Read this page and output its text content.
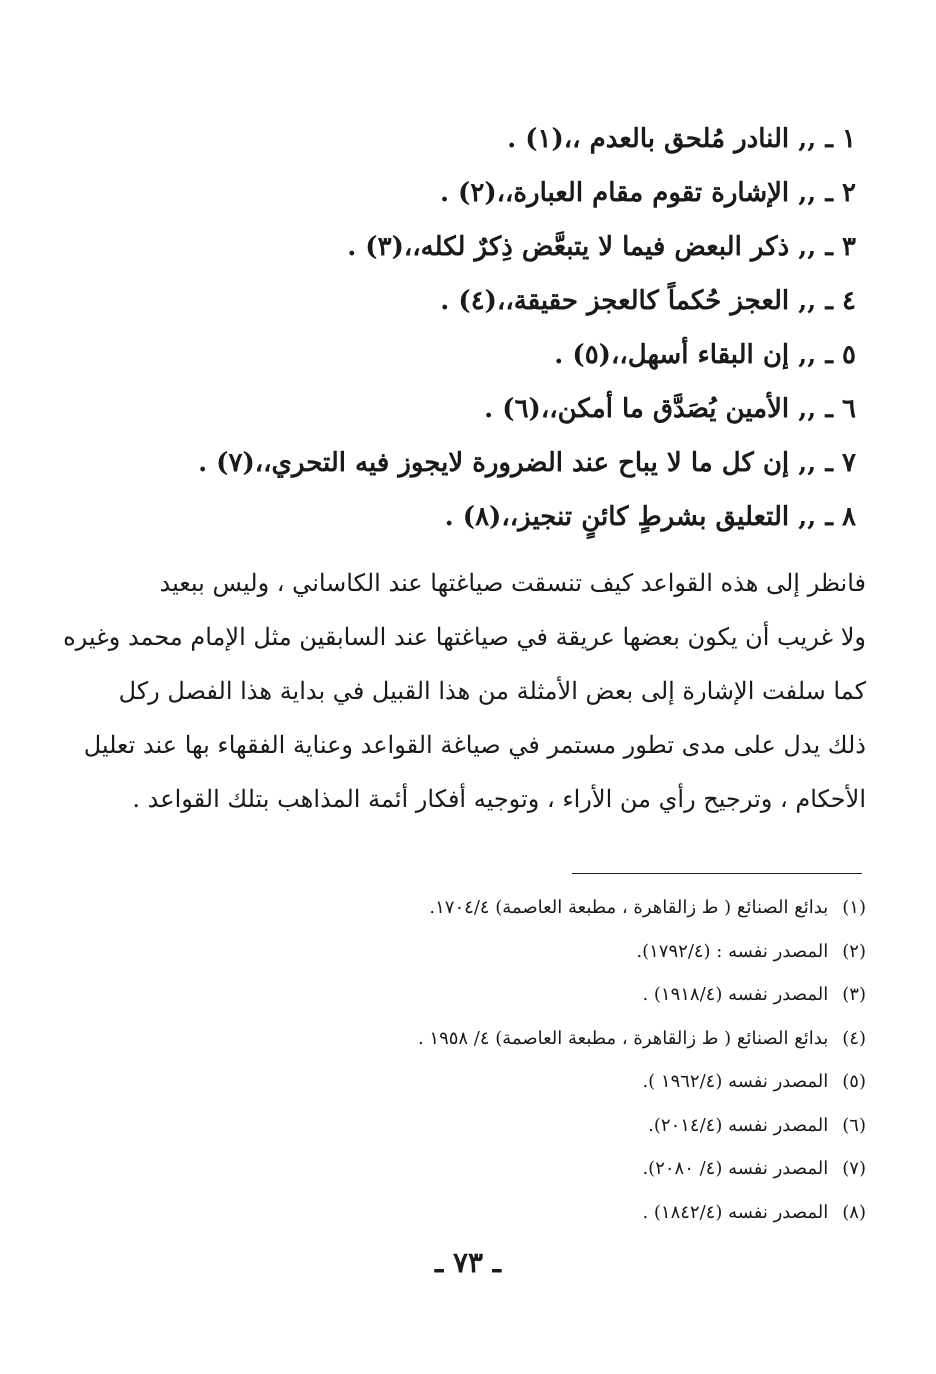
١ ـ ,, النادر مُلحق بالعدم ،،(١) .
٢ ـ ,, الإشارة تقوم مقام العبارة،،(٢) .
٣ ـ ,, ذكر البعض فيما لا يتبعَّض ذِكرٌ لكله،،(٣) .
٤ ـ ,, العجز حُكماً كالعجز حقيقة،،(٤) .
٥ ـ ,, إن البقاء أسهل،،(٥) .
٦ ـ ,, الأمين يُصَدَّق ما أمكن،،(٦) .
٧ ـ ,, إن كل ما لا يباح عند الضرورة لايجوز فيه التحري،،(٧) .
٨ ـ ,, التعليق بشرطٍ كائنٍ تنجيز،،(٨) .
فانظر إلى هذه القواعد كيف تنسقت صياغتها عند الكاساني ، وليس ببعيد
ولا غريب أن يكون بعضها عريقة في صياغتها عند السابقين مثل الإمام محمد وغيره
كما سلفت الإشارة إلى بعض الأمثلة من هذا القبيل في بداية هذا الفصل ركل
ذلك يدل على مدى تطور مستمر في صياغة القواعد وعناية الفقهاء بها عند تعليل
الأحكام ، وترجيح رأي من الأراء ، وتوجيه أفكار أئمة المذاهب بتلك القواعد .
(١)بدائع الصنائع ( ط زالقاهرة ، مطبعة العاصمة) ١٧٠٤/٤.
(٢)المصدر نفسه : (١٧٩٢/٤).
(٣)المصدر نفسه (١٩١٨/٤) .
(٤)بدائع الصنائع ( ط زالقاهرة ، مطبعة العاصمة) ٤/ ١٩٥٨ .
(٥)المصدر نفسه (١٩٦٢/٤ ).
(٦)المصدر نفسه (٢٠١٤/٤).
(٧)المصدر نفسه (٤/ ٢٠٨٠).
(٨)المصدر نفسه (١٨٤٢/٤) .
ـ ٧٣ ـ
